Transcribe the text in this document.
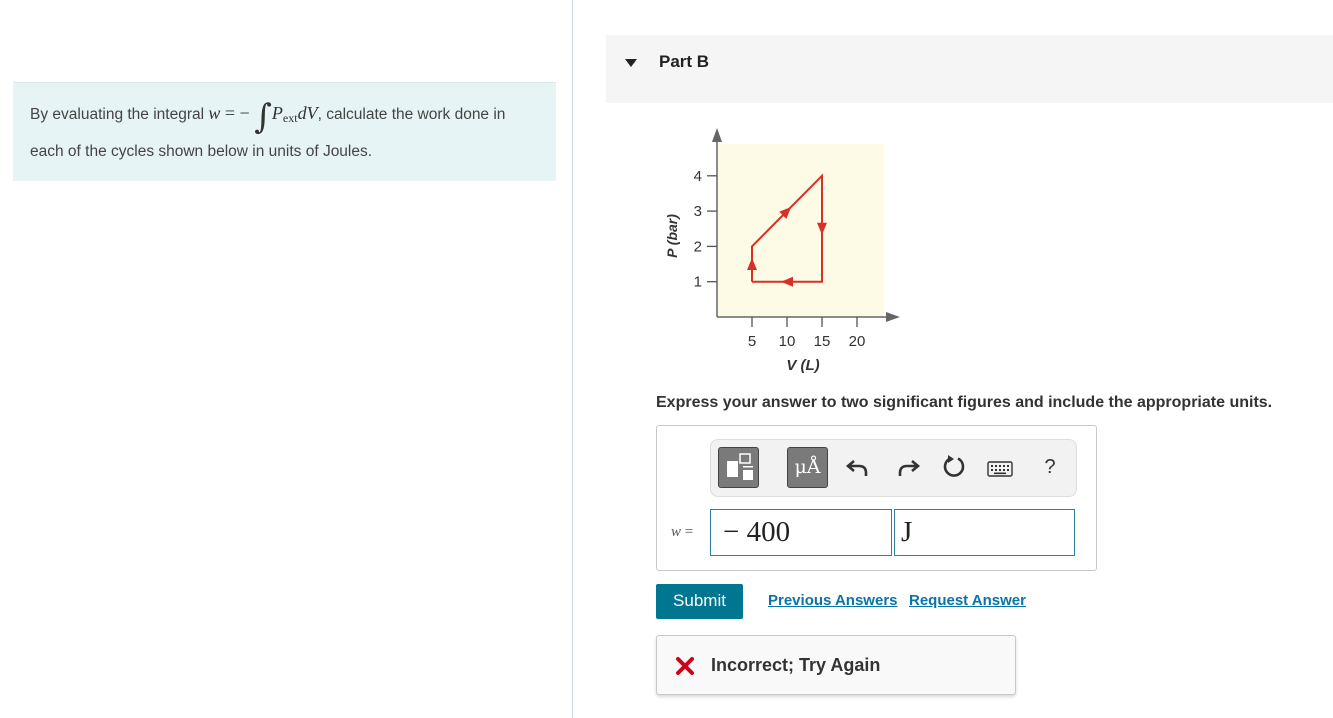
By evaluating the integral w = − $\int P_{ext}dV$, calculate the work done in each of the cycles shown below in units of Joules.
Part B
5 10 15 20
1
2
3
4
V (L)
P (bar)
Express your answer to two significant figures and include the appropriate units.
μÅ	?
w =	− 400	J
Submit	Previous Answers Request Answer
Incorrect; Try Again
